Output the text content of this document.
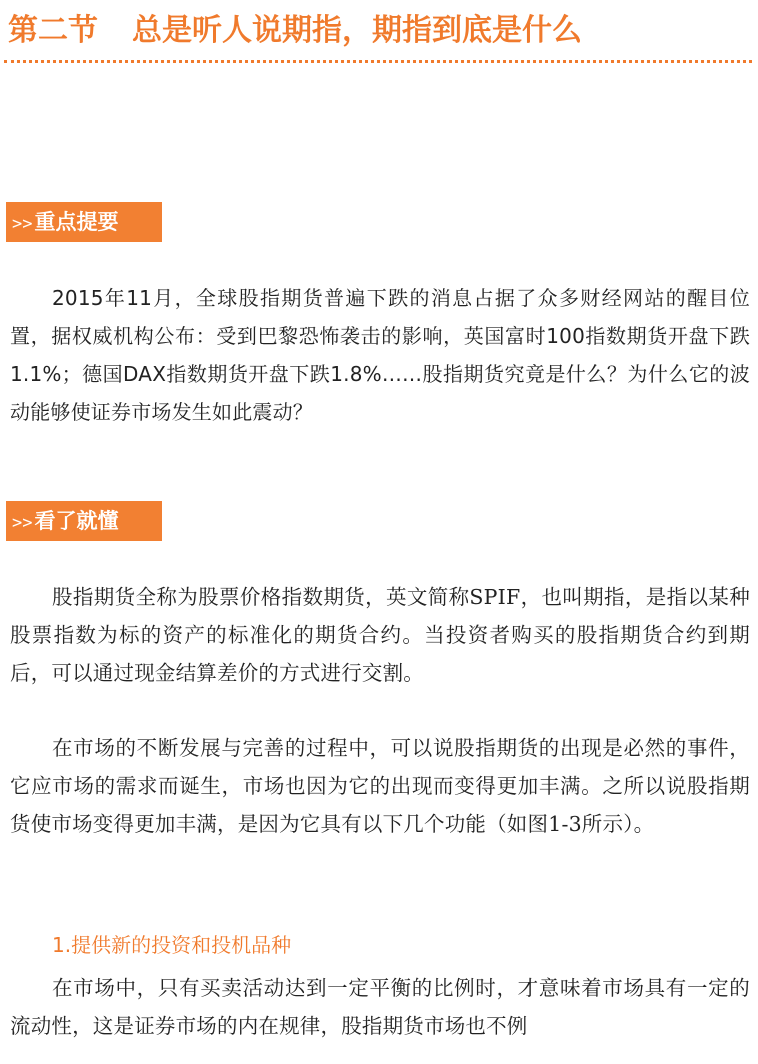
第二节 总是听人说期指，期指到底是什么
>>重点提要

2015年11月，全球股指期货普遍下跌的消息占据了众多财经网站的醒目位置，据权威机构公布：受到巴黎恐怖袭击的影响，英国富时100指数期货开盘下跌1.1%；德国DAX指数期货开盘下跌1.8%……股指期货究竟是什么？为什么它的波动能够使证券市场发生如此震动？

>>看了就懂

股指期货全称为股票价格指数期货，英文简称SPIF，也叫期指，是指以某种股票指数为标的资产的标准化的期货合约。当投资者购买的股指期货合约到期后，可以通过现金结算差价的方式进行交割。

在市场的不断发展与完善的过程中，可以说股指期货的出现是必然的事件，它应市场的需求而诞生，市场也因为它的出现而变得更加丰满。之所以说股指期货使市场变得更加丰满，是因为它具有以下几个功能（如图1-3所示）。

1.提供新的投资和投机品种

在市场中，只有买卖活动达到一定平衡的比例时，才意味着市场具有一定的流动性，这是证券市场的内在规律，股指期货市场也不例
